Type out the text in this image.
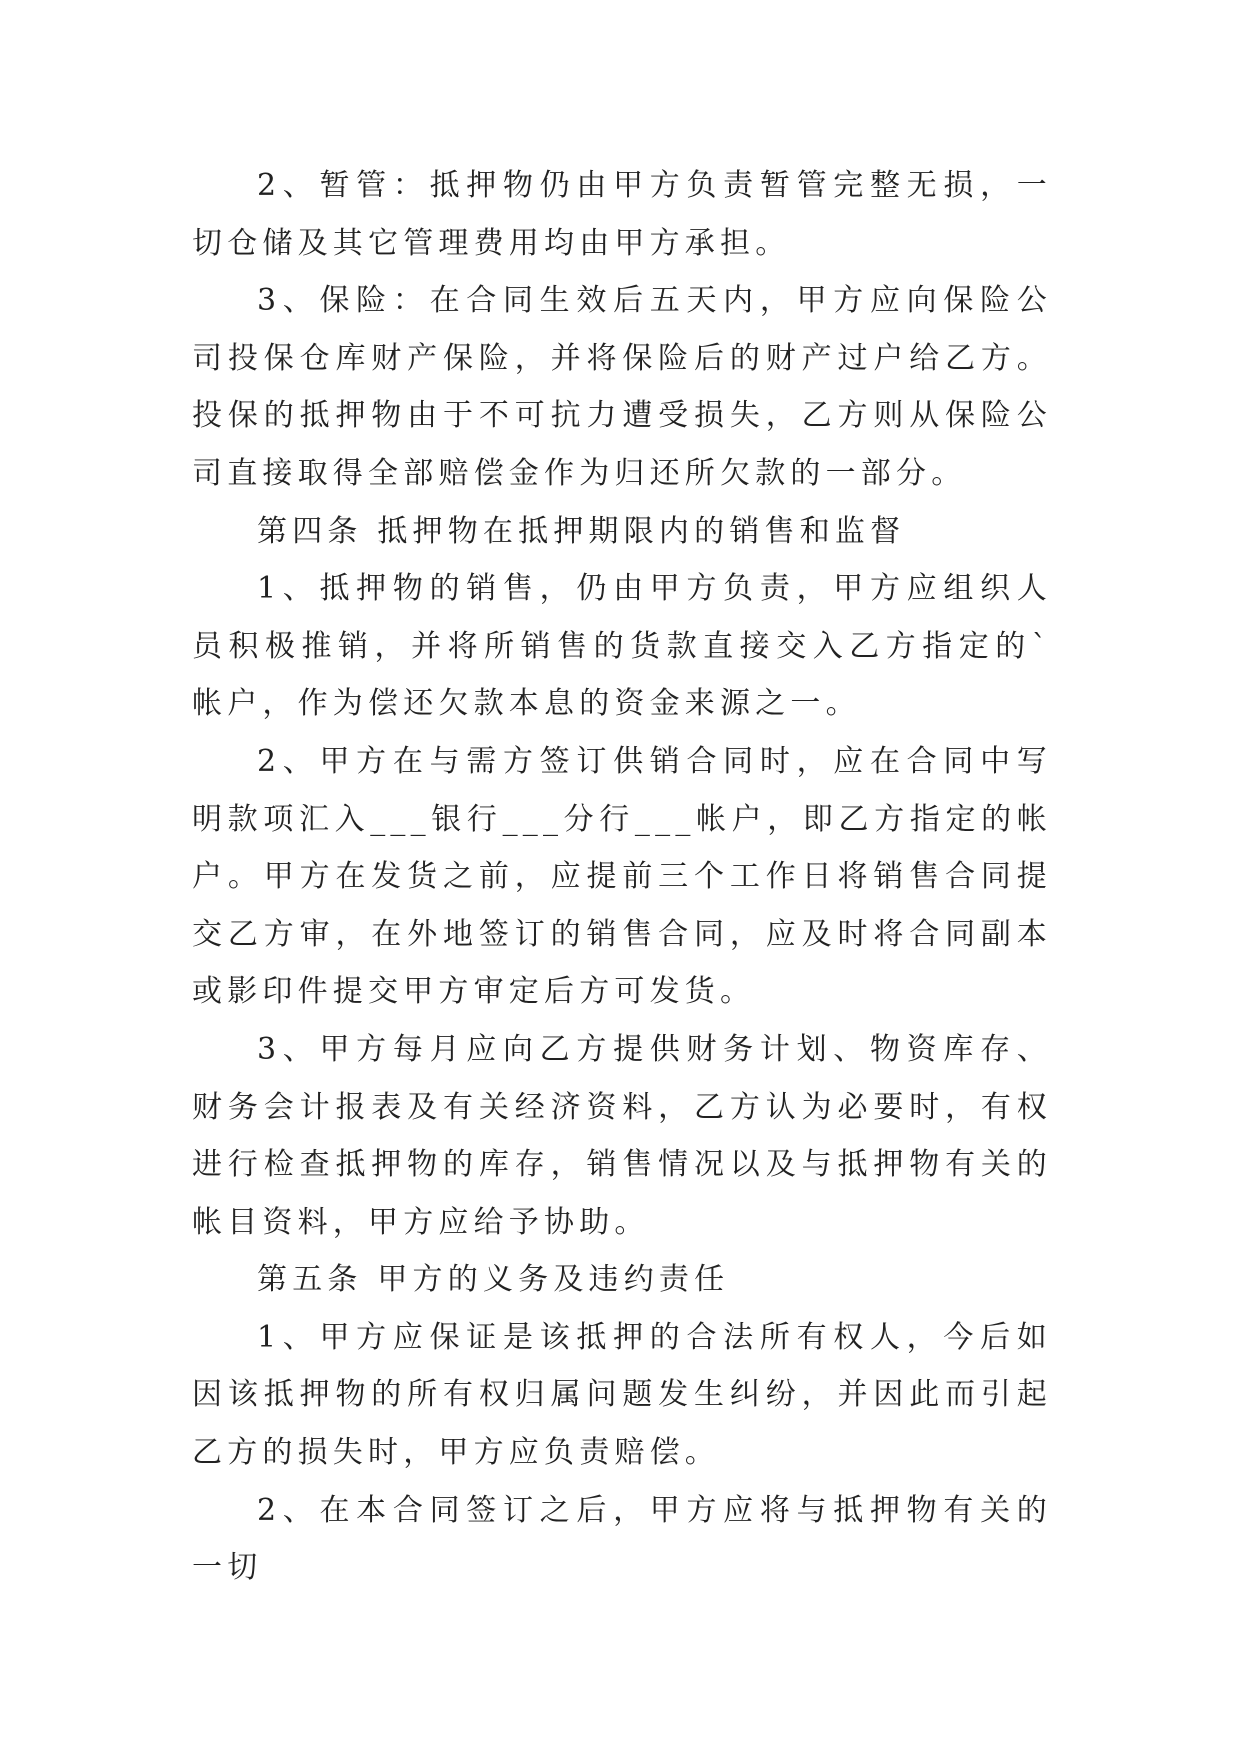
2、暂管：抵押物仍由甲方负责暂管完整无损，一切仓储及其它管理费用均由甲方承担。

3、保险：在合同生效后五天内，甲方应向保险公司投保仓库财产保险，并将保险后的财产过户给乙方。投保的抵押物由于不可抗力遭受损失，乙方则从保险公司直接取得全部赔偿金作为归还所欠款的一部分。

第四条 抵押物在抵押期限内的销售和监督

1、抵押物的销售，仍由甲方负责，甲方应组织人员积极推销，并将所销售的货款直接交入乙方指定的`帐户，作为偿还欠款本息的资金来源之一。

2、甲方在与需方签订供销合同时，应在合同中写明款项汇入___银行___分行___帐户，即乙方指定的帐户。甲方在发货之前，应提前三个工作日将销售合同提交乙方审，在外地签订的销售合同，应及时将合同副本或影印件提交甲方审定后方可发货。

3、甲方每月应向乙方提供财务计划、物资库存、财务会计报表及有关经济资料，乙方认为必要时，有权进行检查抵押物的库存，销售情况以及与抵押物有关的帐目资料，甲方应给予协助。

第五条 甲方的义务及违约责任

1、甲方应保证是该抵押的合法所有权人，今后如因该抵押物的所有权归属问题发生纠纷，并因此而引起乙方的损失时，甲方应负责赔偿。

2、在本合同签订之后，甲方应将与抵押物有关的一切
